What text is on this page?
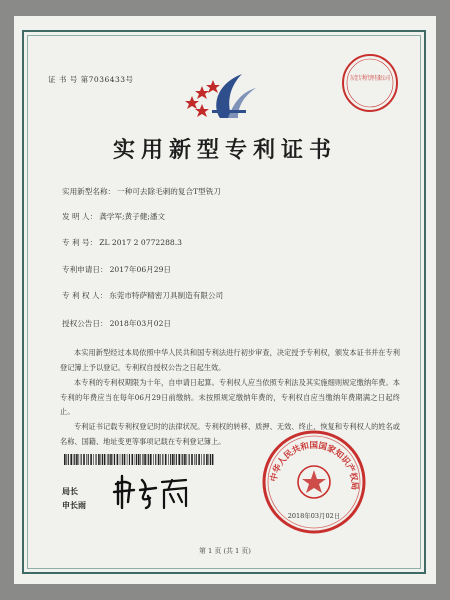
证 书 号 第7036433号	东莞专利代理有限公司
实用新型专利证书
实用新型名称： 一种可去除毛刺的复合T型铣刀
发 明 人： 龚学军;黄子健;潘文
专 利 号： ZL 2017 2 0772288.3
专利申请日： 2017年06月29日
专 利 权 人： 东莞市特萨精密刀具制造有限公司
授权公告日： 2018年03月02日
本实用新型经过本局依照中华人民共和国专利法进行初步审查，决定授予专利权，颁发本证书并在专利登记簿上予以登记。专利权自授权公告之日起生效。
本专利的专利权期限为十年，自申请日起算。专利权人应当依照专利法及其实施细则规定缴纳年费。本专利的年费应当在每年06月29日前缴纳。未按照规定缴纳年费的，专利权自应当缴纳年费期满之日起终止。
专利证书记载专利权登记时的法律状况。专利权的转移、质押、无效、终止、恢复和专利权人的姓名或名称、国籍、地址变更等事项记载在专利登记簿上。
局长
申长雨
中华人民共和国国家知识产权局
2018年03月02日
第 1 页 (共 1 页)
